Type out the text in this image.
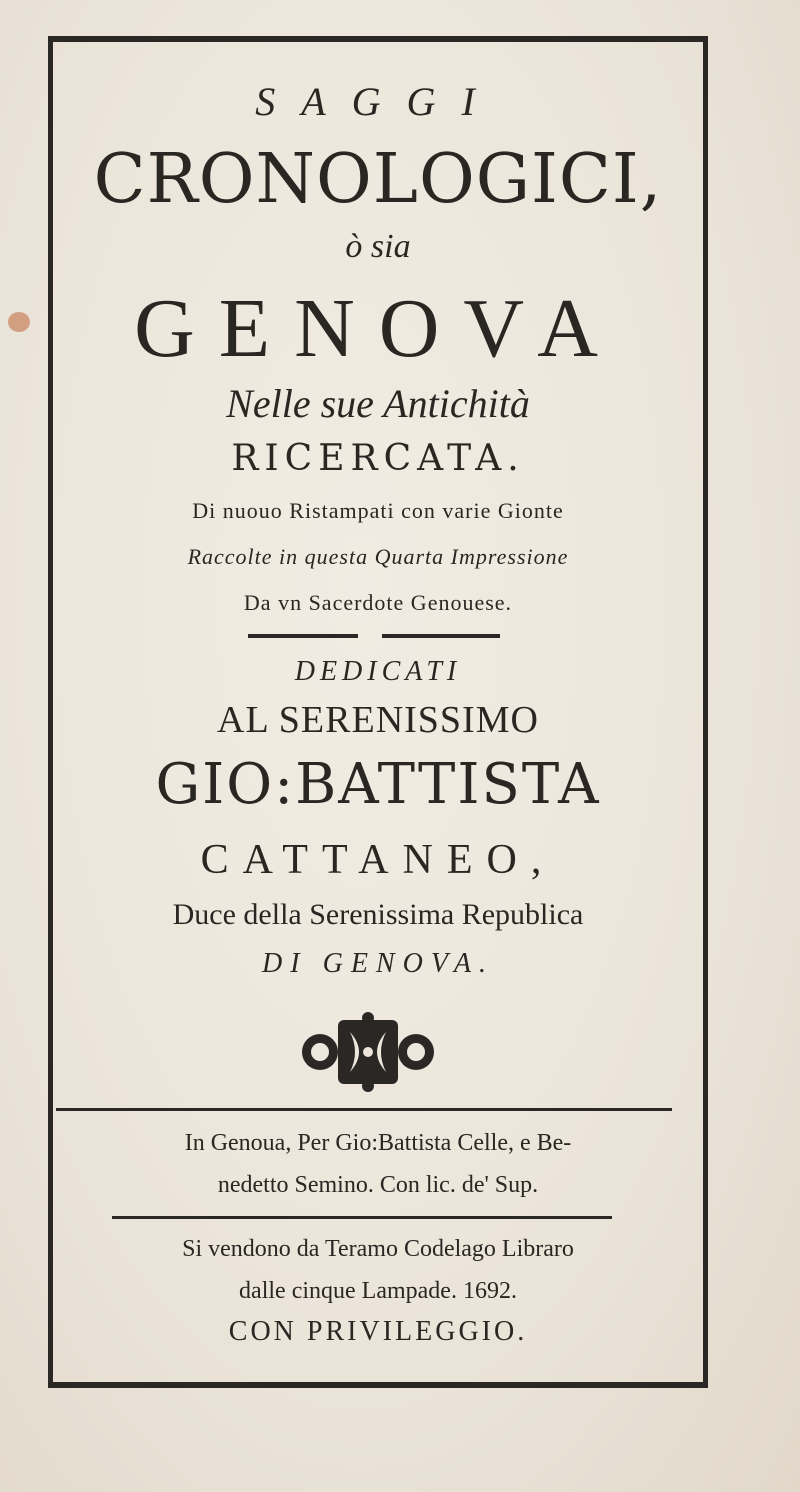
SAGGI
CRONOLOGICI,
ò sia
GENOVA
Nelle sue Antichità
RICERCATA.
Di nuouo Ristampati con varie Gionte
Raccolte in questa Quarta Impressione
Da vn Sacerdote Genouese.
DEDICATI
AL SERENISSIMO
GIO:BATTISTA
CATTANEO,
Duce della Serenissima Republica
DI GENOVA.
In Genoua, Per Gio:Battista Celle, e Be-
nedetto Semino. Con lic. de' Sup.
Si vendono da Teramo Codelago Libraro
dalle cinque Lampade. 1692.
CON PRIVILEGGIO.
